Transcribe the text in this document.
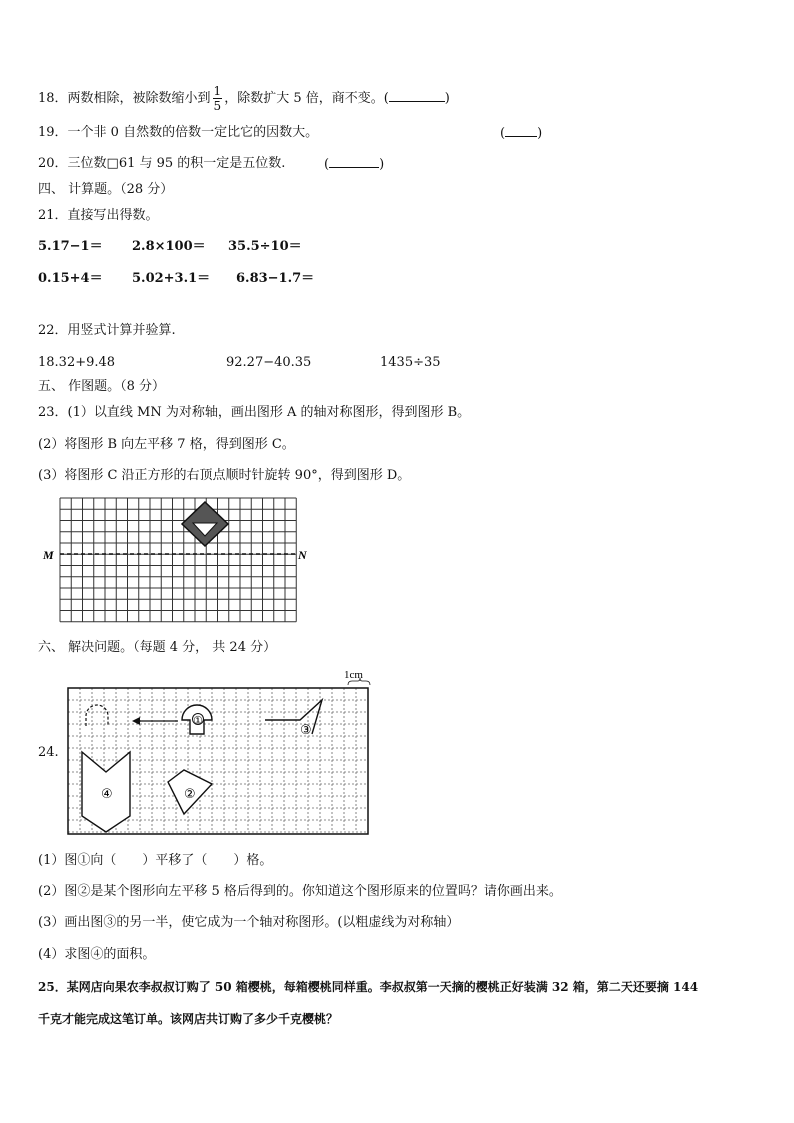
18．两数相除，被除数缩小到 $\frac{1}{5}$ ，除数扩大 5 倍，商不变。(	)
19．一个非 0 自然数的倍数一定比它的因数大。	( )
20．三位数□61 与 95 的积一定是五位数.	(	)
四、 计算题。（28 分）
21．直接写出得数。
5.17−1＝ 2.8×100＝ 35.5÷10＝
0.15+4＝ 5.02+3.1＝ 6.83−1.7＝
22．用竖式计算并验算.
18.32+9.48	92.27−40.35	1435÷35
五、 作图题。（8 分）
23．(1）以直线 MN 为对称轴，画出图形 A 的轴对称图形，得到图形 B。
(2）将图形 B 向左平移 7 格，得到图形 C。
(3）将图形 C 沿正方形的右顶点顺时针旋转 90°，得到图形 D。
M	N
六、 解决问题。（每题 4 分， 共 24 分）
24.
1cm
①
③
④	②
(1）图①向（　　）平移了（　　）格。
(2）图②是某个图形向左平移 5 格后得到的。你知道这个图形原来的位置吗？请你画出来。
(3）画出图③的另一半，使它成为一个轴对称图形。(以粗虚线为对称轴）
(4）求图④的面积。
25．某网店向果农李叔叔订购了 50 箱樱桃，每箱樱桃同样重。李叔叔第一天摘的樱桃正好装满 32 箱，第二天还要摘 144
千克才能完成这笔订单。该网店共订购了多少千克樱桃？
